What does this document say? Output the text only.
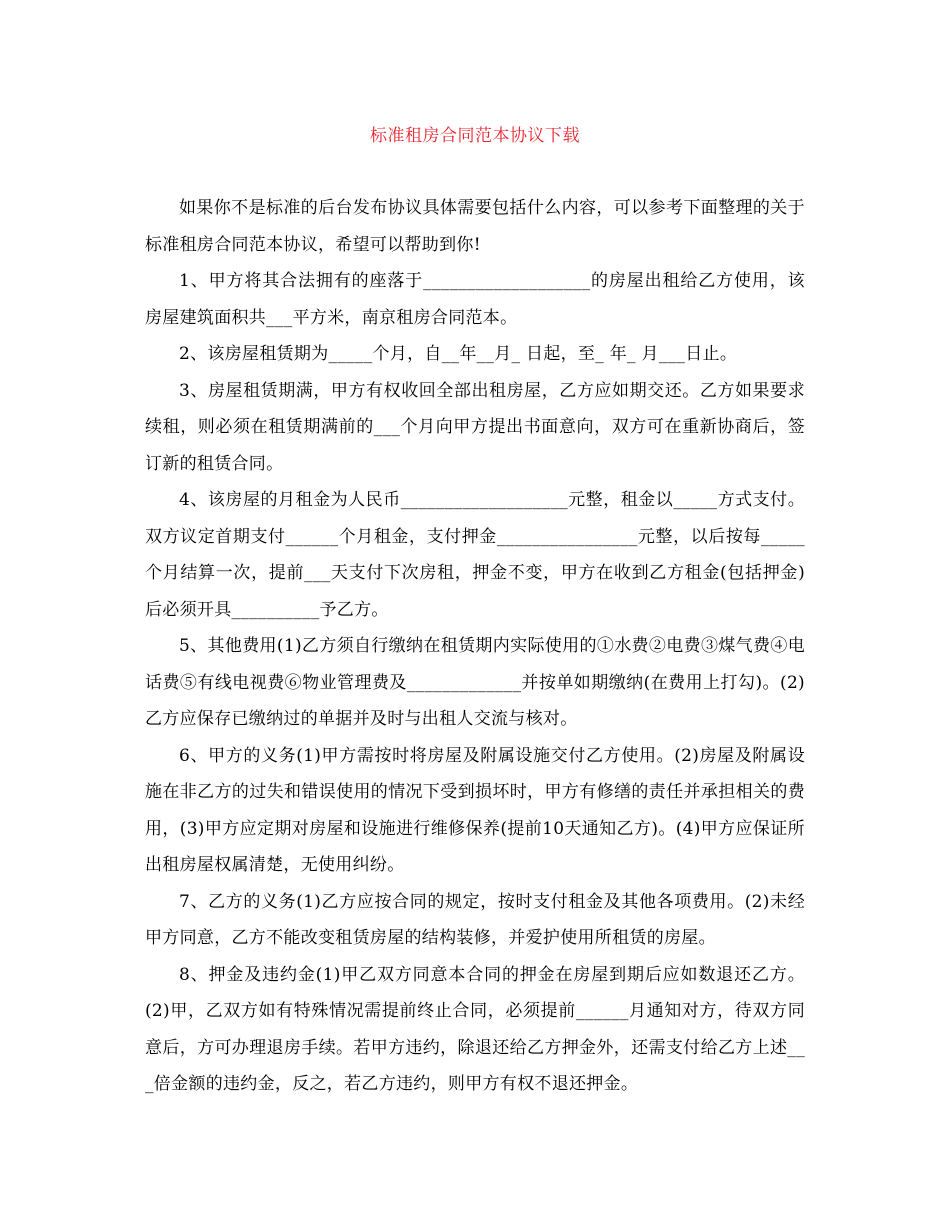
标准租房合同范本协议下载

如果你不是标准的后台发布协议具体需要包括什么内容，可以参考下面整理的关于标准租房合同范本协议，希望可以帮助到你!

1、甲方将其合法拥有的座落于___________________的房屋出租给乙方使用，该房屋建筑面积共___平方米，南京租房合同范本。

2、该房屋租赁期为_____个月，自__年__月_ 日起，至_ 年_ 月___日止。

3、房屋租赁期满，甲方有权收回全部出租房屋，乙方应如期交还。乙方如果要求续租，则必须在租赁期满前的___个月向甲方提出书面意向，双方可在重新协商后，签订新的租赁合同。

4、该房屋的月租金为人民币___________________元整，租金以_____方式支付。双方议定首期支付______个月租金，支付押金________________元整，以后按每_____个月结算一次，提前___天支付下次房租，押金不变，甲方在收到乙方租金(包括押金)后必须开具__________予乙方。

5、其他费用(1)乙方须自行缴纳在租赁期内实际使用的①水费②电费③煤气费④电话费⑤有线电视费⑥物业管理费及_____________并按单如期缴纳(在费用上打勾)。(2)乙方应保存已缴纳过的单据并及时与出租人交流与核对。

6、甲方的义务(1)甲方需按时将房屋及附属设施交付乙方使用。(2)房屋及附属设施在非乙方的过失和错误使用的情况下受到损坏时，甲方有修缮的责任并承担相关的费用，(3)甲方应定期对房屋和设施进行维修保养(提前10天通知乙方)。(4)甲方应保证所出租房屋权属清楚，无使用纠纷。

7、乙方的义务(1)乙方应按合同的规定，按时支付租金及其他各项费用。(2)未经甲方同意，乙方不能改变租赁房屋的结构装修，并爱护使用所租赁的房屋。

8、押金及违约金(1)甲乙双方同意本合同的押金在房屋到期后应如数退还乙方。(2)甲，乙双方如有特殊情况需提前终止合同，必须提前______月通知对方，待双方同意后，方可办理退房手续。若甲方违约，除退还给乙方押金外，还需支付给乙方上述___倍金额的违约金，反之，若乙方违约，则甲方有权不退还押金。
